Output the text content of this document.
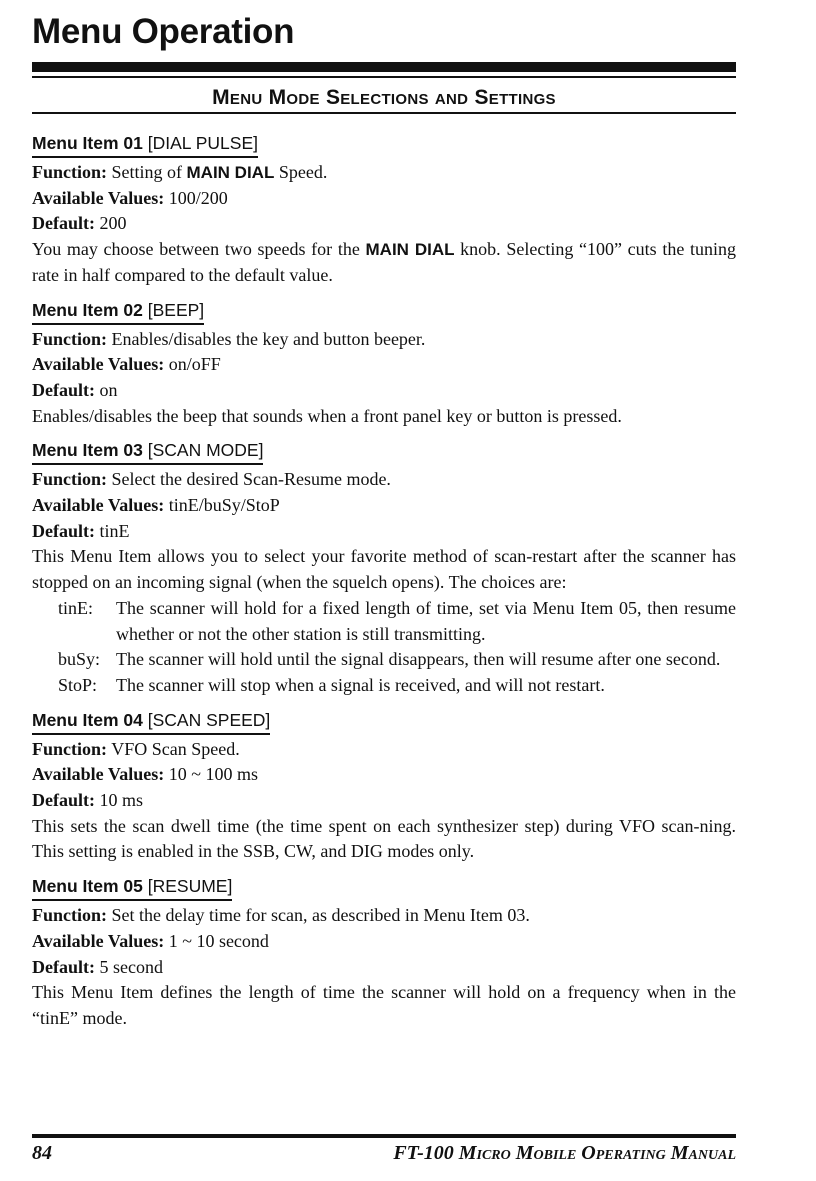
Menu Operation
Menu Mode Selections and Settings
Menu Item 01 [DIAL PULSE]

Function: Setting of MAIN DIAL Speed.

Available Values: 100/200

Default: 200

You may choose between two speeds for the MAIN DIAL knob. Selecting “100” cuts the tuning rate in half compared to the default value.

Menu Item 02 [BEEP]

Function: Enables/disables the key and button beeper.

Available Values: on/oFF

Default: on

Enables/disables the beep that sounds when a front panel key or button is pressed.

Menu Item 03 [SCAN MODE]

Function: Select the desired Scan-Resume mode.

Available Values: tinE/buSy/StoP

Default: tinE

This Menu Item allows you to select your favorite method of scan-restart after the scanner has stopped on an incoming signal (when the squelch opens). The choices are:

tinE:	The scanner will hold for a fixed length of time, set via Menu Item 05, then resume whether or not the other station is still transmitting.
buSy: The scanner will hold until the signal disappears, then will resume after one second.
StoP:	The scanner will stop when a signal is received, and will not restart.
Menu Item 04 [SCAN SPEED]

Function: VFO Scan Speed.

Available Values: 10 ~ 100 ms

Default: 10 ms

This sets the scan dwell time (the time spent on each synthesizer step) during VFO scan-ning. This setting is enabled in the SSB, CW, and DIG modes only.

Menu Item 05 [RESUME]

Function: Set the delay time for scan, as described in Menu Item 03.

Available Values: 1 ~ 10 second

Default: 5 second

This Menu Item defines the length of time the scanner will hold on a frequency when in the “tinE” mode.

84	FT-100 Micro Mobile Operating Manual
